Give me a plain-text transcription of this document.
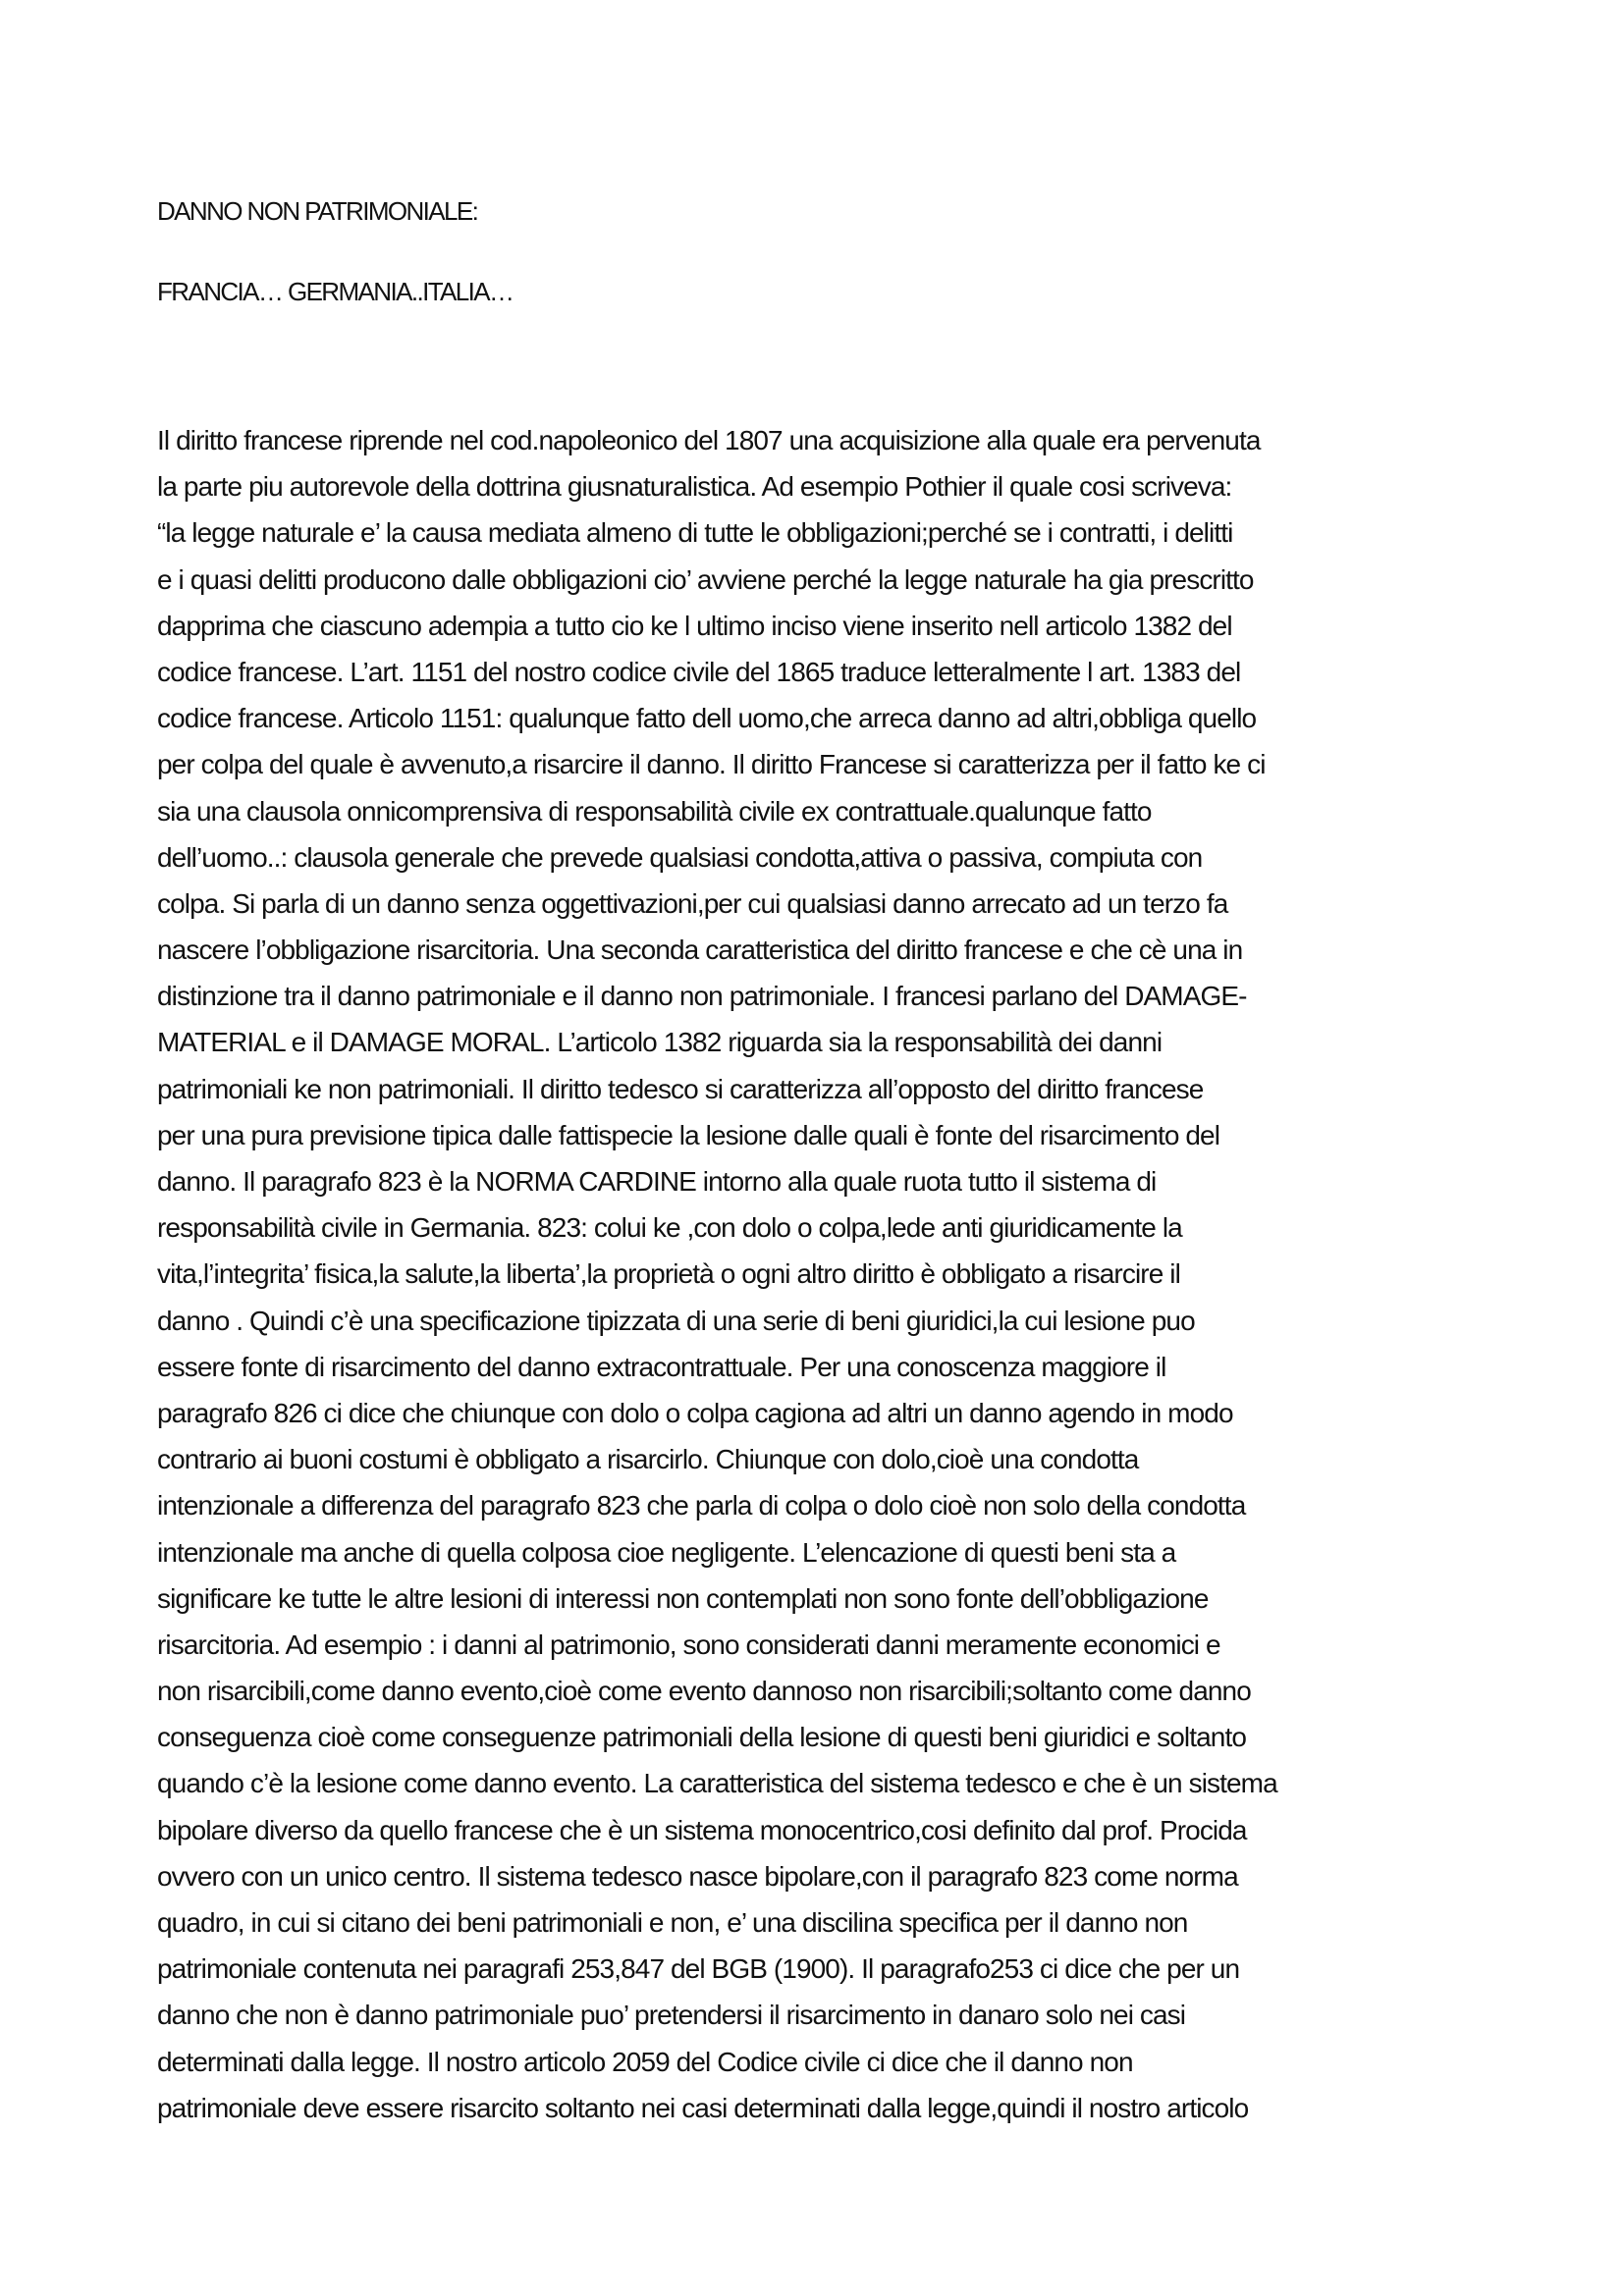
DANNO NON PATRIMONIALE:
FRANCIA… GERMANIA..ITALIA…
Il diritto francese riprende nel cod.napoleonico del 1807 una acquisizione alla quale era pervenuta
la parte piu autorevole della dottrina giusnaturalistica. Ad esempio Pothier il quale cosi scriveva:
“la legge naturale e’ la causa mediata almeno di tutte le obbligazioni;perché se i contratti, i delitti
e i quasi delitti producono dalle obbligazioni cio’ avviene perché la legge naturale ha gia prescritto
dapprima che ciascuno adempia a tutto cio ke l ultimo inciso viene inserito nell articolo 1382 del
codice francese. L’art. 1151 del nostro codice civile del 1865 traduce letteralmente l art. 1383 del
codice francese. Articolo 1151: qualunque fatto dell uomo,che arreca danno ad altri,obbliga quello
per colpa del quale è avvenuto,a risarcire il danno. Il diritto Francese si caratterizza per il fatto ke ci
sia una clausola onnicomprensiva di responsabilità civile ex contrattuale.qualunque fatto
dell’uomo..: clausola generale che prevede qualsiasi condotta,attiva o passiva, compiuta con
colpa. Si parla di un danno senza oggettivazioni,per cui qualsiasi danno arrecato ad un terzo fa
nascere l’obbligazione risarcitoria. Una seconda caratteristica del diritto francese e che cè una in
distinzione tra il danno patrimoniale e il danno non patrimoniale. I francesi parlano del DAMAGE-
MATERIAL e il DAMAGE MORAL. L’articolo 1382 riguarda sia la responsabilità dei danni
patrimoniali ke non patrimoniali. Il diritto tedesco si caratterizza all’opposto del diritto francese
per una pura previsione tipica dalle fattispecie la lesione dalle quali è fonte del risarcimento del
danno. Il paragrafo 823 è la NORMA CARDINE intorno alla quale ruota tutto il sistema di
responsabilità civile in Germania. 823: colui ke ,con dolo o colpa,lede anti giuridicamente la
vita,l’integrita’ fisica,la salute,la liberta’,la proprietà o ogni altro diritto è obbligato a risarcire il
danno . Quindi c’è una specificazione tipizzata di una serie di beni giuridici,la cui lesione puo
essere fonte di risarcimento del danno extracontrattuale. Per una conoscenza maggiore il
paragrafo 826 ci dice che chiunque con dolo o colpa cagiona ad altri un danno agendo in modo
contrario ai buoni costumi è obbligato a risarcirlo. Chiunque con dolo,cioè una condotta
intenzionale a differenza del paragrafo 823 che parla di colpa o dolo cioè non solo della condotta
intenzionale ma anche di quella colposa cioe negligente. L’elencazione di questi beni sta a
significare ke tutte le altre lesioni di interessi non contemplati non sono fonte dell’obbligazione
risarcitoria. Ad esempio : i danni al patrimonio, sono considerati danni meramente economici e
non risarcibili,come danno evento,cioè come evento dannoso non risarcibili;soltanto come danno
conseguenza cioè come conseguenze patrimoniali della lesione di questi beni giuridici e soltanto
quando c’è la lesione come danno evento. La caratteristica del sistema tedesco e che è un sistema
bipolare diverso da quello francese che è un sistema monocentrico,cosi definito dal prof. Procida
ovvero con un unico centro. Il sistema tedesco nasce bipolare,con il paragrafo 823 come norma
quadro, in cui si citano dei beni patrimoniali e non, e’ una discilina specifica per il danno non
patrimoniale contenuta nei paragrafi 253,847 del BGB (1900). Il paragrafo253 ci dice che per un
danno che non è danno patrimoniale puo’ pretendersi il risarcimento in danaro solo nei casi
determinati dalla legge. Il nostro articolo 2059 del Codice civile ci dice che il danno non
patrimoniale deve essere risarcito soltanto nei casi determinati dalla legge,quindi il nostro articolo
